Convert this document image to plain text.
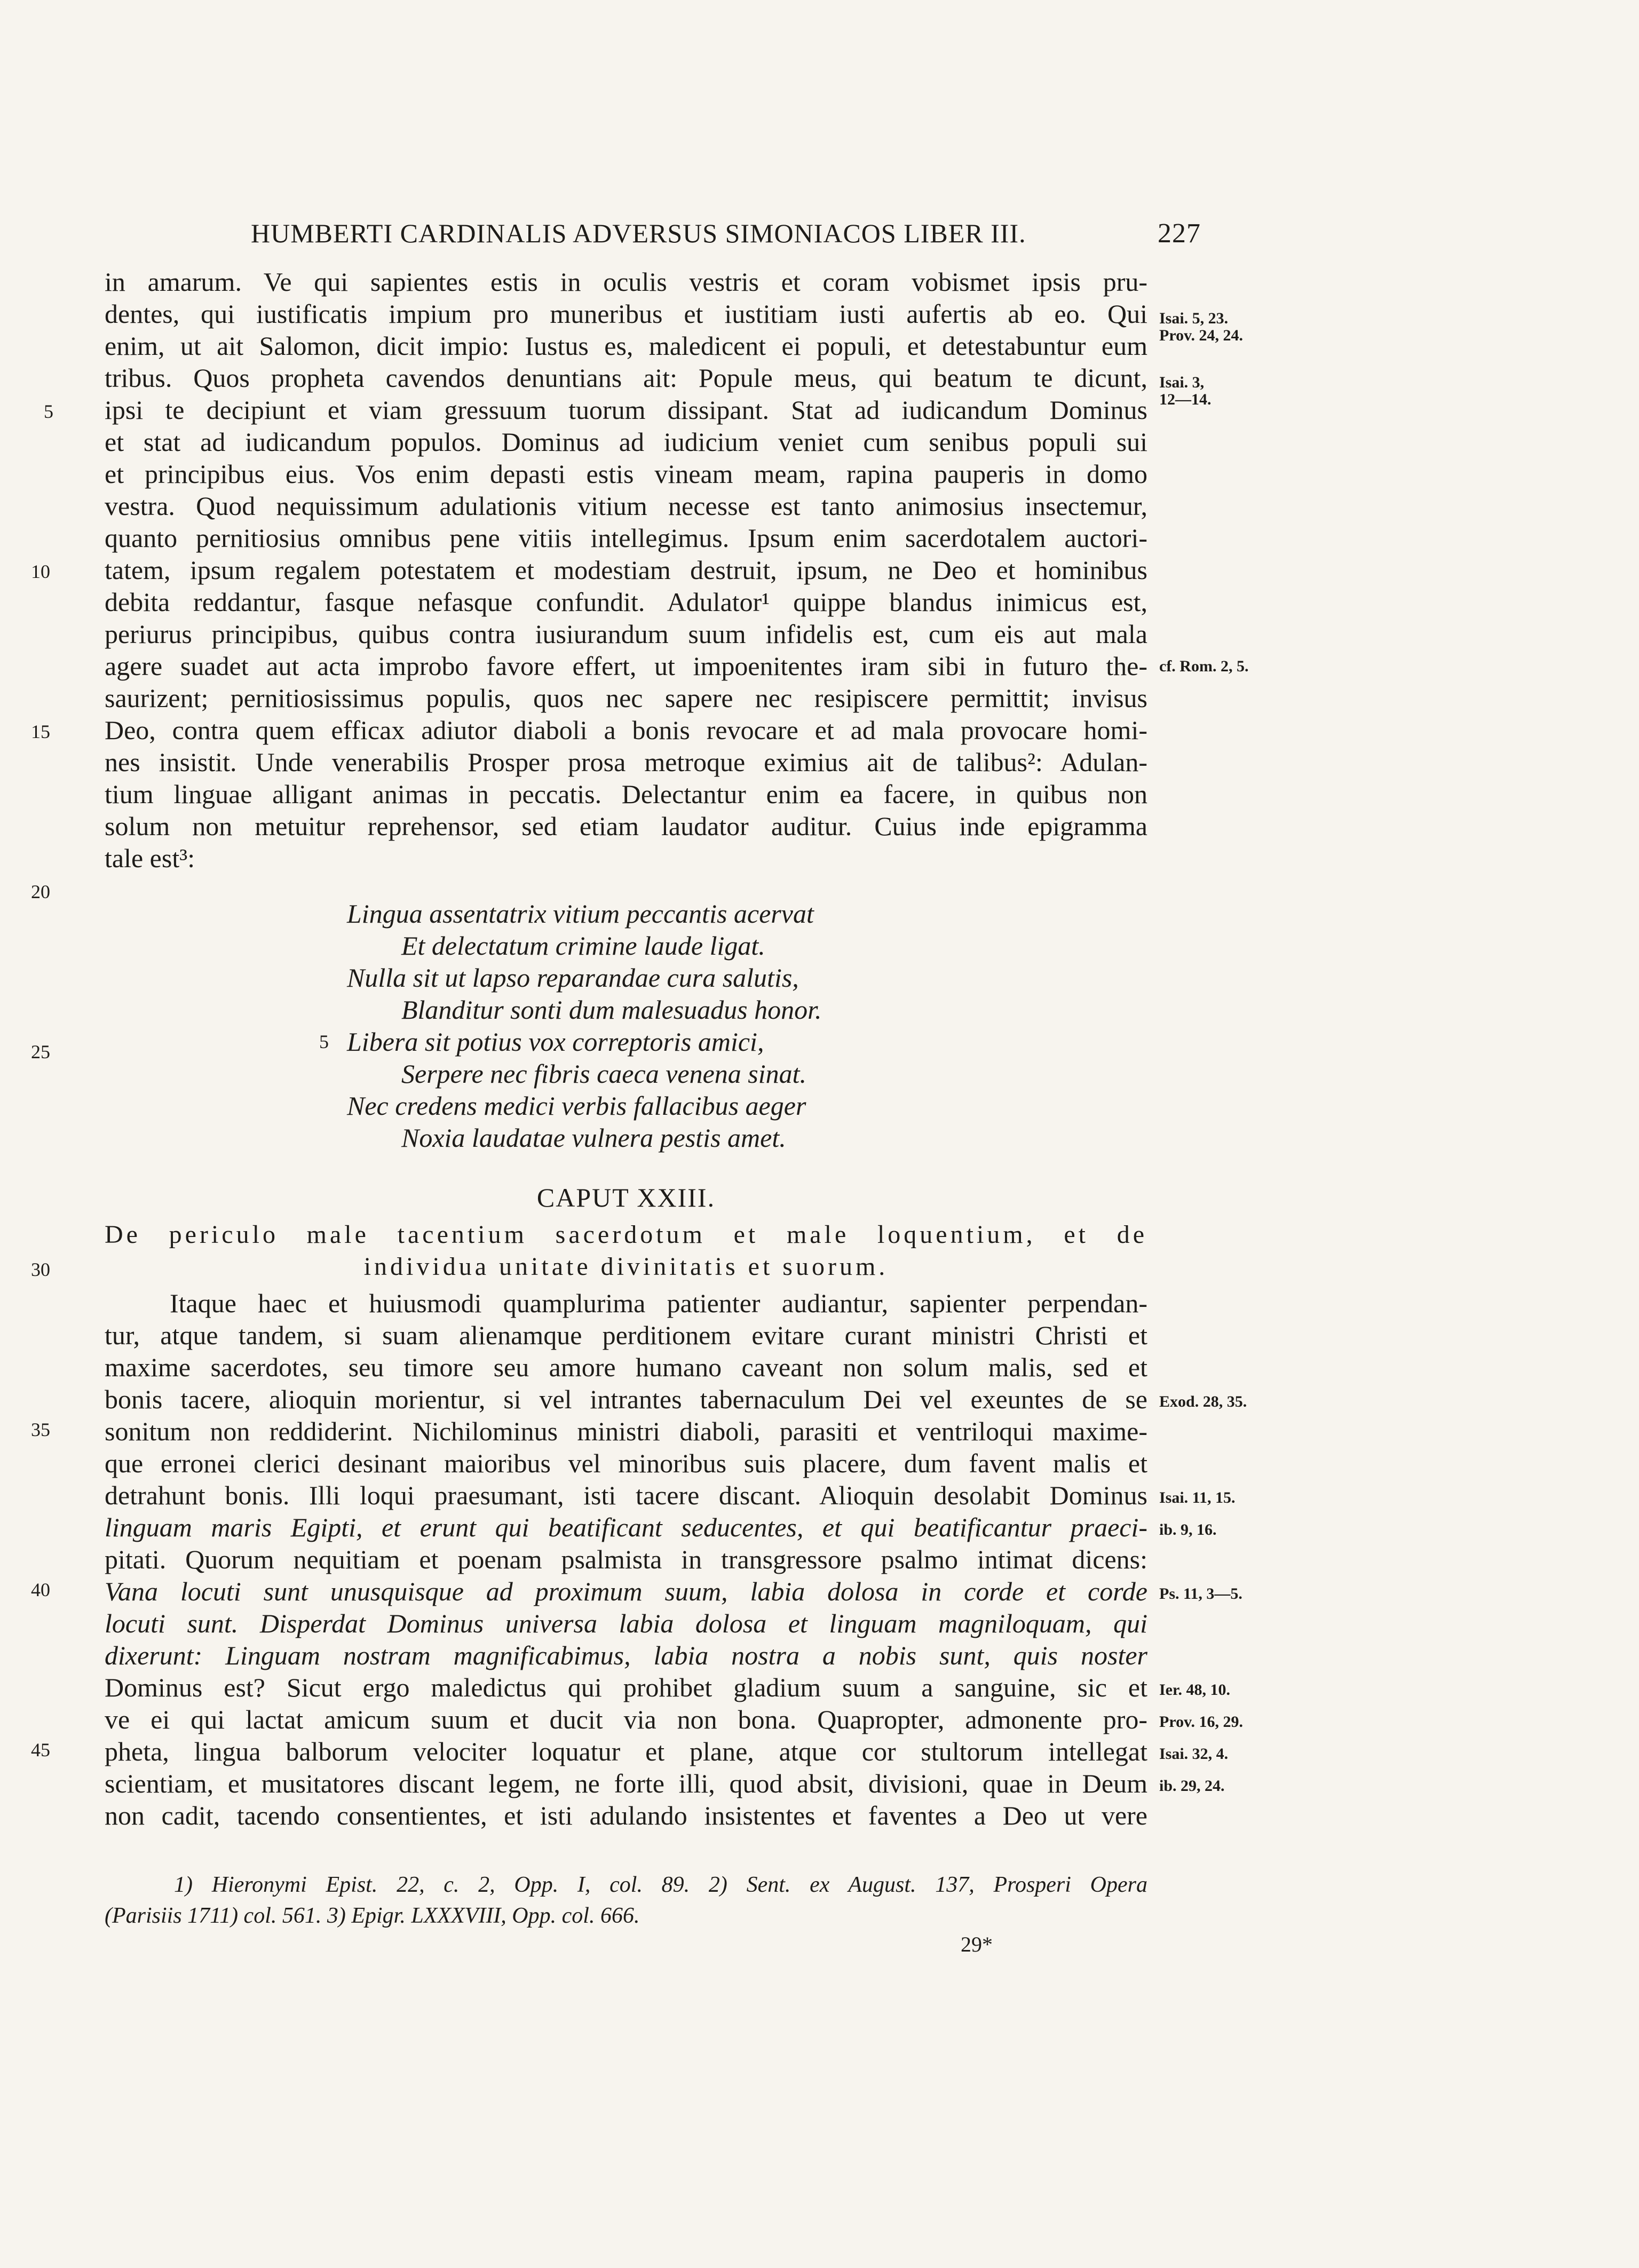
HUMBERTI CARDINALIS ADVERSUS SIMONIACOS LIBER III.	227
in amarum. Ve qui sapientes estis in oculis vestris et coram vobismet ipsis pru-
dentes, qui iustificatis impium pro muneribus et iustitiam iusti aufertis ab eo. Qui
enim, ut ait Salomon, dicit impio: Iustus es, maledicent ei populi, et detestabuntur eum
tribus. Quos propheta cavendos denuntians ait: Popule meus, qui beatum te dicunt,
ipsi te decipiunt et viam gressuum tuorum dissipant. Stat ad iudicandum Dominus
et stat ad iudicandum populos. Dominus ad iudicium veniet cum senibus populi sui
et principibus eius. Vos enim depasti estis vineam meam, rapina pauperis in domo
vestra. Quod nequissimum adulationis vitium necesse est tanto animosius insectemur,
quanto pernitiosius omnibus pene vitiis intellegimus. Ipsum enim sacerdotalem auctori-
tatem, ipsum regalem potestatem et modestiam destruit, ipsum, ne Deo et hominibus
debita reddantur, fasque nefasque confundit. Adulator¹ quippe blandus inimicus est,
periurus principibus, quibus contra iusiurandum suum infidelis est, cum eis aut mala
agere suadet aut acta improbo favore effert, ut impoenitentes iram sibi in futuro the-
saurizent; pernitiosissimus populis, quos nec sapere nec resipiscere permittit; invisus
Deo, contra quem efficax adiutor diaboli a bonis revocare et ad mala provocare homi-
nes insistit. Unde venerabilis Prosper prosa metroque eximius ait de talibus²: Adulan-
tium linguae alligant animas in peccatis. Delectantur enim ea facere, in quibus non
solum non metuitur reprehensor, sed etiam laudator auditur. Cuius inde epigramma
tale est³:
5
10
15
20
25
30
35
40
45
Lingua assentatrix vitium peccantis acervat
Et delectatum crimine laude ligat.
Nulla sit ut lapso reparandae cura salutis,
Blanditur sonti dum malesuadus honor.
5 Libera sit potius vox correptoris amici,
Serpere nec fibris caeca venena sinat.
Nec credens medici verbis fallacibus aeger
Noxia laudatae vulnera pestis amet.
CAPUT XXIII.
De periculo male tacentium sacerdotum et male loquentium, et de
individua unitate divinitatis et suorum.
Itaque haec et huiusmodi quamplurima patienter audiantur, sapienter perpendan-
tur, atque tandem, si suam alienamque perditionem evitare curant ministri Christi et
maxime sacerdotes, seu timore seu amore humano caveant non solum malis, sed et
bonis tacere, alioquin morientur, si vel intrantes tabernaculum Dei vel exeuntes de se
sonitum non reddiderint. Nichilominus ministri diaboli, parasiti et ventriloqui maxime-
que erronei clerici desinant maioribus vel minoribus suis placere, dum favent malis et
detrahunt bonis. Illi loqui praesumant, isti tacere discant. Alioquin desolabit Dominus
linguam maris Egipti, et erunt qui beatificant seducentes, et qui beatificantur praeci-
pitati. Quorum nequitiam et poenam psalmista in transgressore psalmo intimat dicens:
Vana locuti sunt unusquisque ad proximum suum, labia dolosa in corde et corde
locuti sunt. Disperdat Dominus universa labia dolosa et linguam magniloquam, qui
dixerunt: Linguam nostram magnificabimus, labia nostra a nobis sunt, quis noster
Dominus est? Sicut ergo maledictus qui prohibet gladium suum a sanguine, sic et
ve ei qui lactat amicum suum et ducit via non bona. Quapropter, admonente pro-
pheta, lingua balborum velociter loquatur et plane, atque cor stultorum intellegat
scientiam, et musitatores discant legem, ne forte illi, quod absit, divisioni, quae in Deum
non cadit, tacendo consentientes, et isti adulando insistentes et faventes a Deo ut vere
Isai. 5, 23.
Prov. 24, 24.
Isai. 3,
12—14.
cf. Rom. 2, 5.
Exod. 28, 35.
Isai. 11, 15.
ib. 9, 16.
Ps. 11, 3—5.
Ier. 48, 10.
Prov. 16, 29.
Isai. 32, 4.
ib. 29, 24.
1) Hieronymi Epist. 22, c. 2, Opp. I, col. 89. 2) Sent. ex August. 137, Prosperi Opera
(Parisiis 1711) col. 561. 3) Epigr. LXXXVIII, Opp. col. 666.
29*
